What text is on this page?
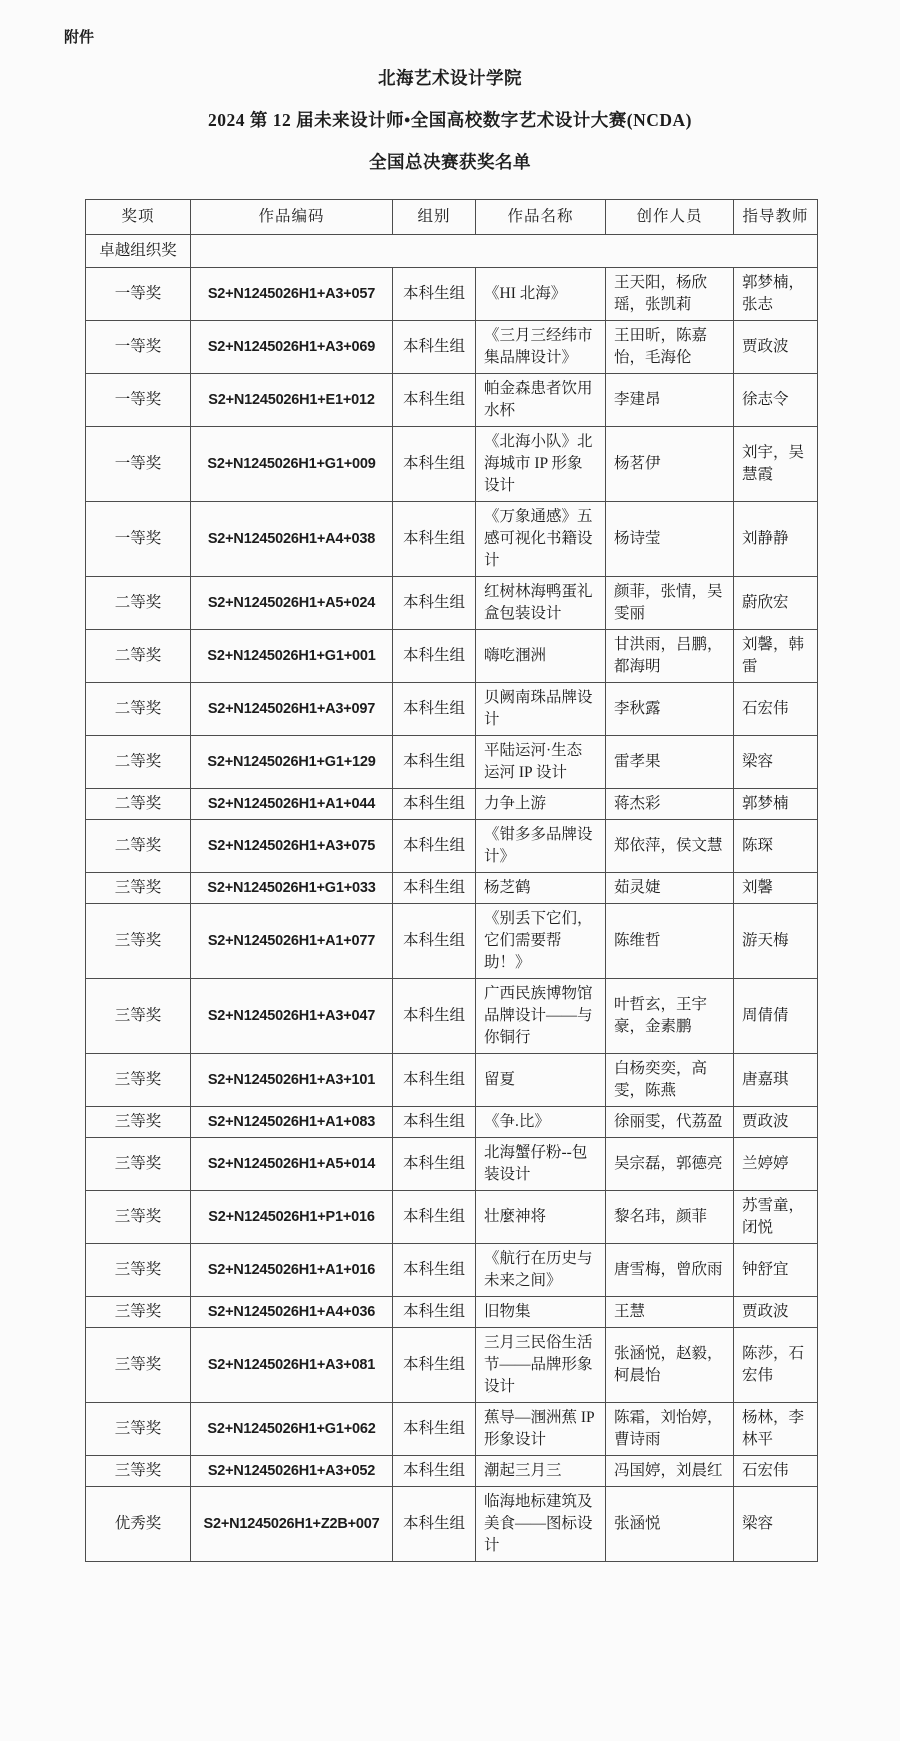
附件
北海艺术设计学院
2024 第 12 届未来设计师•全国高校数字艺术设计大赛(NCDA)
全国总决赛获奖名单
奖项	作品编码	组别	作品名称	创作人员	指导教师
卓越组织奖					
一等奖	S2+N1245026H1+A3+057	本科生组	《HI 北海》	王天阳，杨欣瑶，张凯莉	郭梦楠，张志
一等奖	S2+N1245026H1+A3+069	本科生组	《三月三经纬市集品牌设计》	王田昕，陈嘉怡，毛海伦	贾政波
一等奖	S2+N1245026H1+E1+012	本科生组	帕金森患者饮用水杯	李建昂	徐志令
一等奖	S2+N1245026H1+G1+009	本科生组	《北海小队》北海城市 IP 形象设计	杨茗伊	刘宇，吴慧霞
一等奖	S2+N1245026H1+A4+038	本科生组	《万象通感》五感可视化书籍设计	杨诗莹	刘静静
二等奖	S2+N1245026H1+A5+024	本科生组	红树林海鸭蛋礼盒包装设计	颜菲，张情，吴雯丽	蔚欣宏
二等奖	S2+N1245026H1+G1+001	本科生组	嗨吃涠洲	甘洪雨，吕鹏，都海明	刘馨，韩雷
二等奖	S2+N1245026H1+A3+097	本科生组	贝阙南珠品牌设计	李秋露	石宏伟
二等奖	S2+N1245026H1+G1+129	本科生组	平陆运河·生态运河 IP 设计	雷孝果	梁容
二等奖	S2+N1245026H1+A1+044	本科生组	力争上游	蒋杰彩	郭梦楠
二等奖	S2+N1245026H1+A3+075	本科生组	《钳多多品牌设计》	郑依萍，侯文慧	陈琛
三等奖	S2+N1245026H1+G1+033	本科生组	杨芝鹤	茹灵婕	刘馨
三等奖	S2+N1245026H1+A1+077	本科生组	《别丢下它们，它们需要帮助！》	陈维哲	游天梅
三等奖	S2+N1245026H1+A3+047	本科生组	广西民族博物馆品牌设计——与你铜行	叶哲玄，王宇豪，金素鹏	周倩倩
三等奖	S2+N1245026H1+A3+101	本科生组	留夏	白杨奕奕，高雯，陈燕	唐嘉琪
三等奖	S2+N1245026H1+A1+083	本科生组	《争.比》	徐丽雯，代荔盈	贾政波
三等奖	S2+N1245026H1+A5+014	本科生组	北海蟹仔粉--包装设计	吴宗磊，郭德亮	兰婷婷
三等奖	S2+N1245026H1+P1+016	本科生组	壮麼神将	黎名玮，颜菲	苏雪童，闭悦
三等奖	S2+N1245026H1+A1+016	本科生组	《航行在历史与未来之间》	唐雪梅，曾欣雨	钟舒宜
三等奖	S2+N1245026H1+A4+036	本科生组	旧物集	王慧	贾政波
三等奖	S2+N1245026H1+A3+081	本科生组	三月三民俗生活节——品牌形象设计	张涵悦，赵毅，柯晨怡	陈莎，石宏伟
三等奖	S2+N1245026H1+G1+062	本科生组	蕉导—涠洲蕉 IP 形象设计	陈霜，刘怡婷，曹诗雨	杨林，李林平
三等奖	S2+N1245026H1+A3+052	本科生组	潮起三月三	冯国婷，刘晨红	石宏伟
优秀奖	S2+N1245026H1+Z2B+007	本科生组	临海地标建筑及美食——图标设计	张涵悦	梁容
